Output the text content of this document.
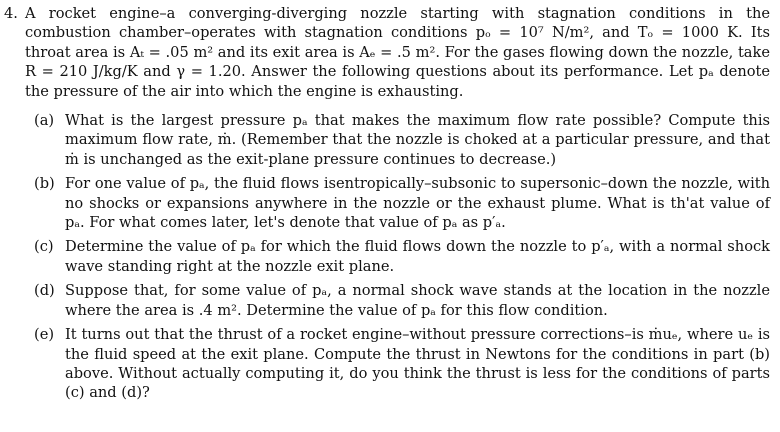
4. A rocket engine–a converging-diverging nozzle starting with stagnation conditions in the combustion chamber–operates with stagnation conditions pₒ = 10⁷ N/m², and Tₒ = 1000 K. Its throat area is Aₜ = .05 m² and its exit area is Aₑ = .5 m². For the gases flowing down the nozzle, take R = 210 J/kg/K and γ = 1.20. Answer the following questions about its performance. Let pₐ denote the pressure of the air into which the engine is exhausting.
(a) What is the largest pressure pₐ that makes the maximum flow rate possible? Compute this maximum flow rate, ṁ. (Remember that the nozzle is choked at a particular pressure, and that ṁ is unchanged as the exit-plane pressure continues to decrease.)
(b) For one value of pₐ, the fluid flows isentropically–subsonic to supersonic–down the nozzle, with no shocks or expansions anywhere in the nozzle or the exhaust plume. What is th'at value of pₐ. For what comes later, let's denote that value of pₐ as p′ₐ.
(c) Determine the value of pₐ for which the fluid flows down the nozzle to p′ₐ, with a normal shock wave standing right at the nozzle exit plane.
(d) Suppose that, for some value of pₐ, a normal shock wave stands at the location in the nozzle where the area is .4 m². Determine the value of pₐ for this flow condition.
(e) It turns out that the thrust of a rocket engine–without pressure corrections–is ṁuₑ, where uₑ is the fluid speed at the exit plane. Compute the thrust in Newtons for the conditions in part (b) above. Without actually computing it, do you think the thrust is less for the conditions of parts (c) and (d)?
